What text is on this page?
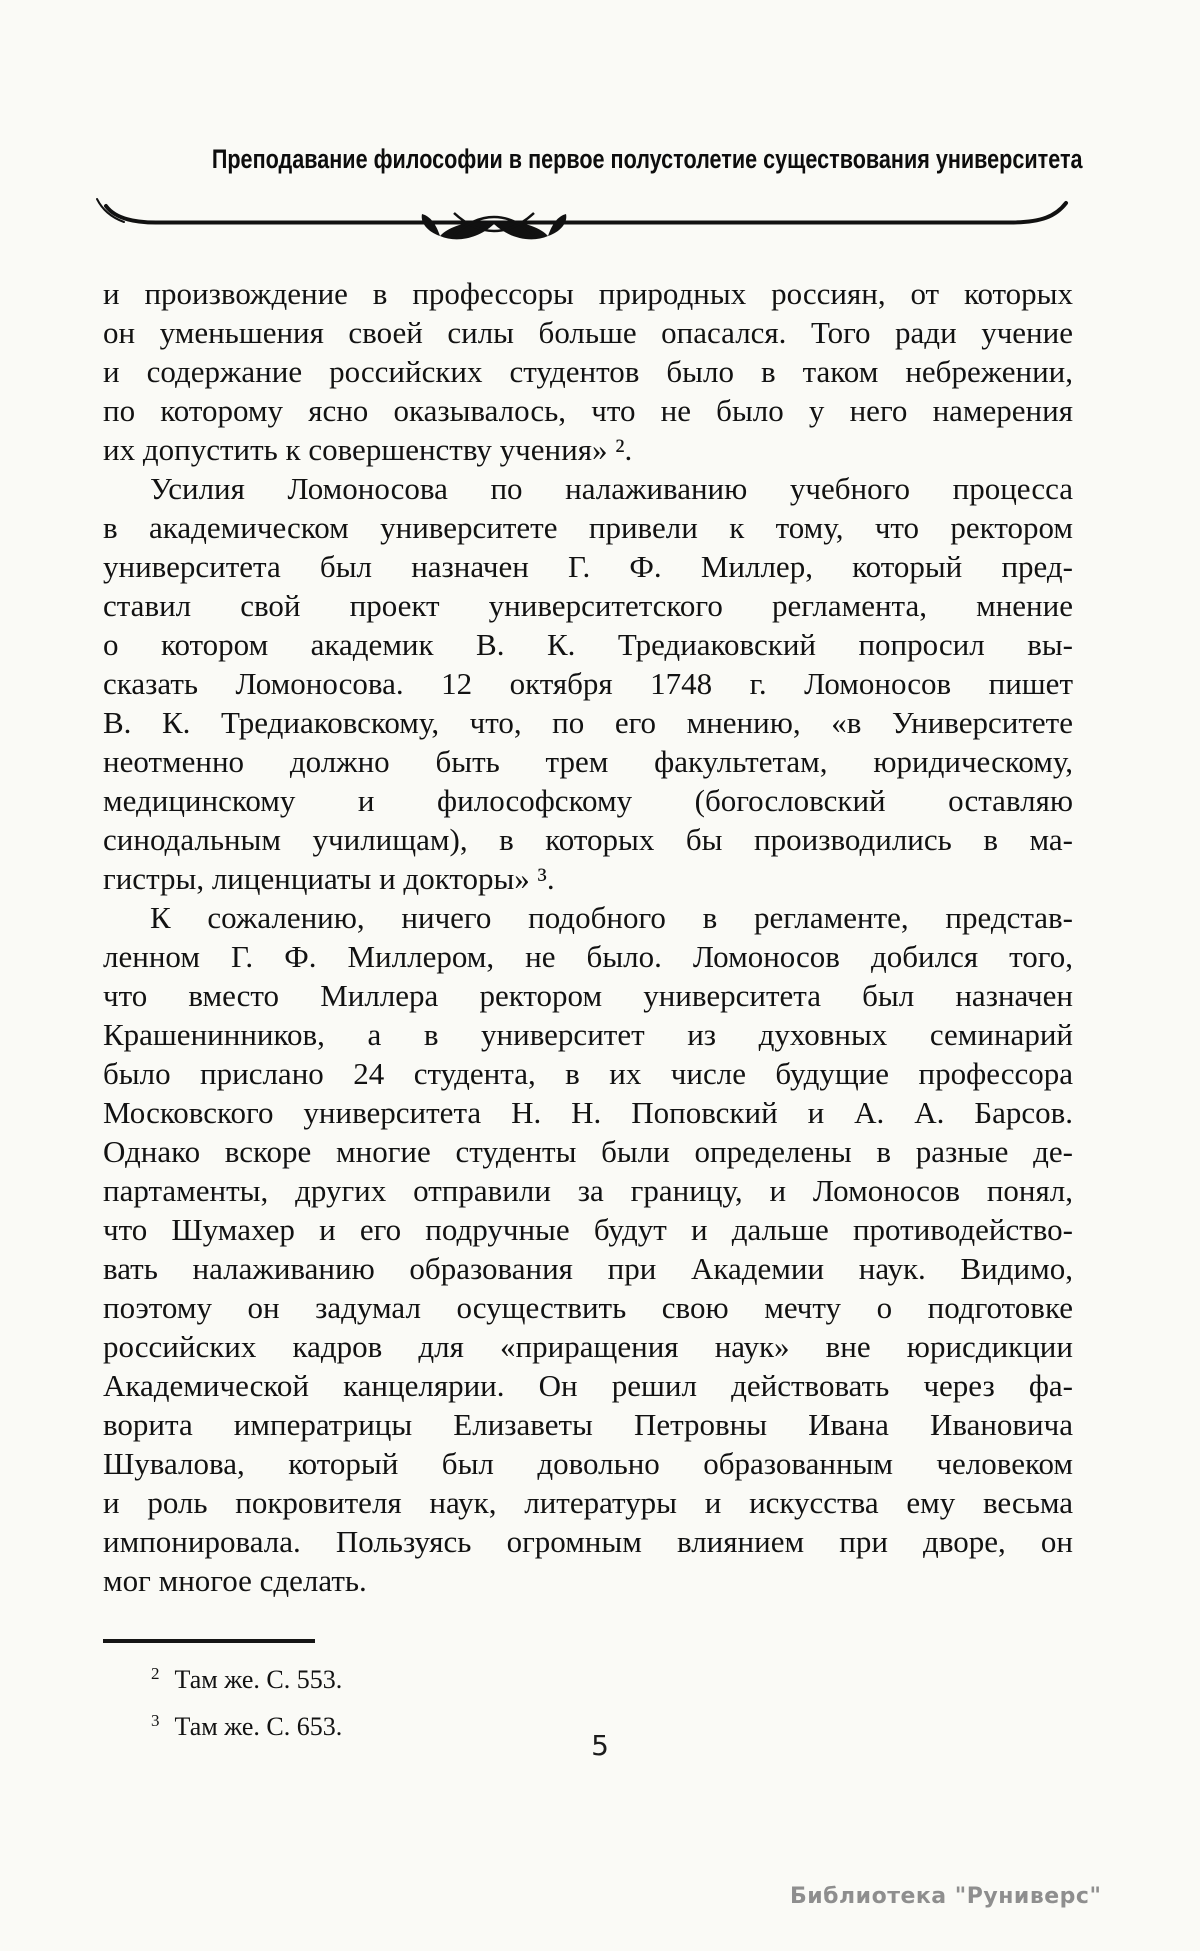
Преподавание философии в первое полустолетие существования университета
и произвождение в профессоры природных россиян, от которых
он уменьшения своей силы больше опасался. Того ради учение
и содержание российских студентов было в таком небрежении,
по которому ясно оказывалось, что не было у него намерения
их допустить к совершенству учения» ².
Усилия Ломоносова по налаживанию учебного процесса
в академическом университете привели к тому, что ректором
университета был назначен Г. Ф. Миллер, который пред-
ставил свой проект университетского регламента, мнение
о котором академик В. К. Тредиаковский попросил вы-
сказать Ломоносова. 12 октября 1748 г. Ломоносов пишет
В. К. Тредиаковскому, что, по его мнению, «в Университете
неотменно должно быть трем факультетам, юридическому,
медицинскому и философскому (богословский оставляю
синодальным училищам), в которых бы производились в ма-
гистры, лиценциаты и докторы» ³.
К сожалению, ничего подобного в регламенте, представ-
ленном Г. Ф. Миллером, не было. Ломоносов добился того,
что вместо Миллера ректором университета был назначен
Крашенинников, а в университет из духовных семинарий
было прислано 24 студента, в их числе будущие профессора
Московского университета Н. Н. Поповский и А. А. Барсов.
Однако вскоре многие студенты были определены в разные де-
партаменты, других отправили за границу, и Ломоносов понял,
что Шумахер и его подручные будут и дальше противодейство-
вать налаживанию образования при Академии наук. Видимо,
поэтому он задумал осуществить свою мечту о подготовке
российских кадров для «приращения наук» вне юрисдикции
Академической канцелярии. Он решил действовать через фа-
ворита императрицы Елизаветы Петровны Ивана Ивановича
Шувалова, который был довольно образованным человеком
и роль покровителя наук, литературы и искусства ему весьма
импонировала. Пользуясь огромным влиянием при дворе, он
мог многое сделать.
$^2$ Там же. С. 553.
$^3$ Там же. С. 653.
5
Библиотека "Руниверс"
